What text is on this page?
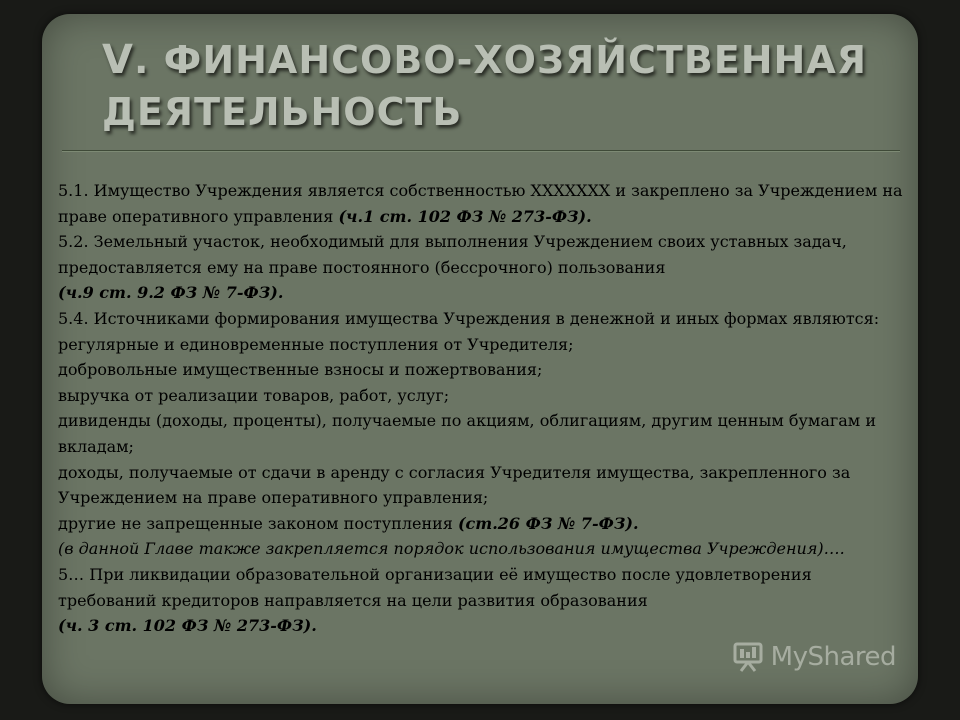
V. ФИНАНСОВО-ХОЗЯЙСТВЕННАЯ ДЕЯТЕЛЬНОСТЬ

5.1. Имущество Учреждения является собственностью XXXXXXX и закреплено за Учреждением на праве оперативного управления (ч.1 ст. 102 ФЗ № 273-ФЗ).

5.2. Земельный участок, необходимый для выполнения Учреждением своих уставных задач, предоставляется ему на праве постоянного (бессрочного) пользования
(ч.9 ст. 9.2 ФЗ № 7-ФЗ).

5.4. Источниками формирования имущества Учреждения в денежной и иных формах являются:

регулярные и единовременные поступления от Учредителя;

добровольные имущественные взносы и пожертвования;

выручка от реализации товаров, работ, услуг;

дивиденды (доходы, проценты), получаемые по акциям, облигациям, другим ценным бумагам и вкладам;

доходы, получаемые от сдачи в аренду с согласия Учредителя имущества, закрепленного за Учреждением на праве оперативного управления;

другие не запрещенные законом поступления (ст.26 ФЗ № 7-ФЗ).

(в данной Главе также закрепляется порядок использования имущества Учреждения)….

5… При ликвидации образовательной организации её имущество после удовлетворения требований кредиторов направляется на цели развития образования
(ч. 3 ст. 102 ФЗ № 273-ФЗ).

MyShared
